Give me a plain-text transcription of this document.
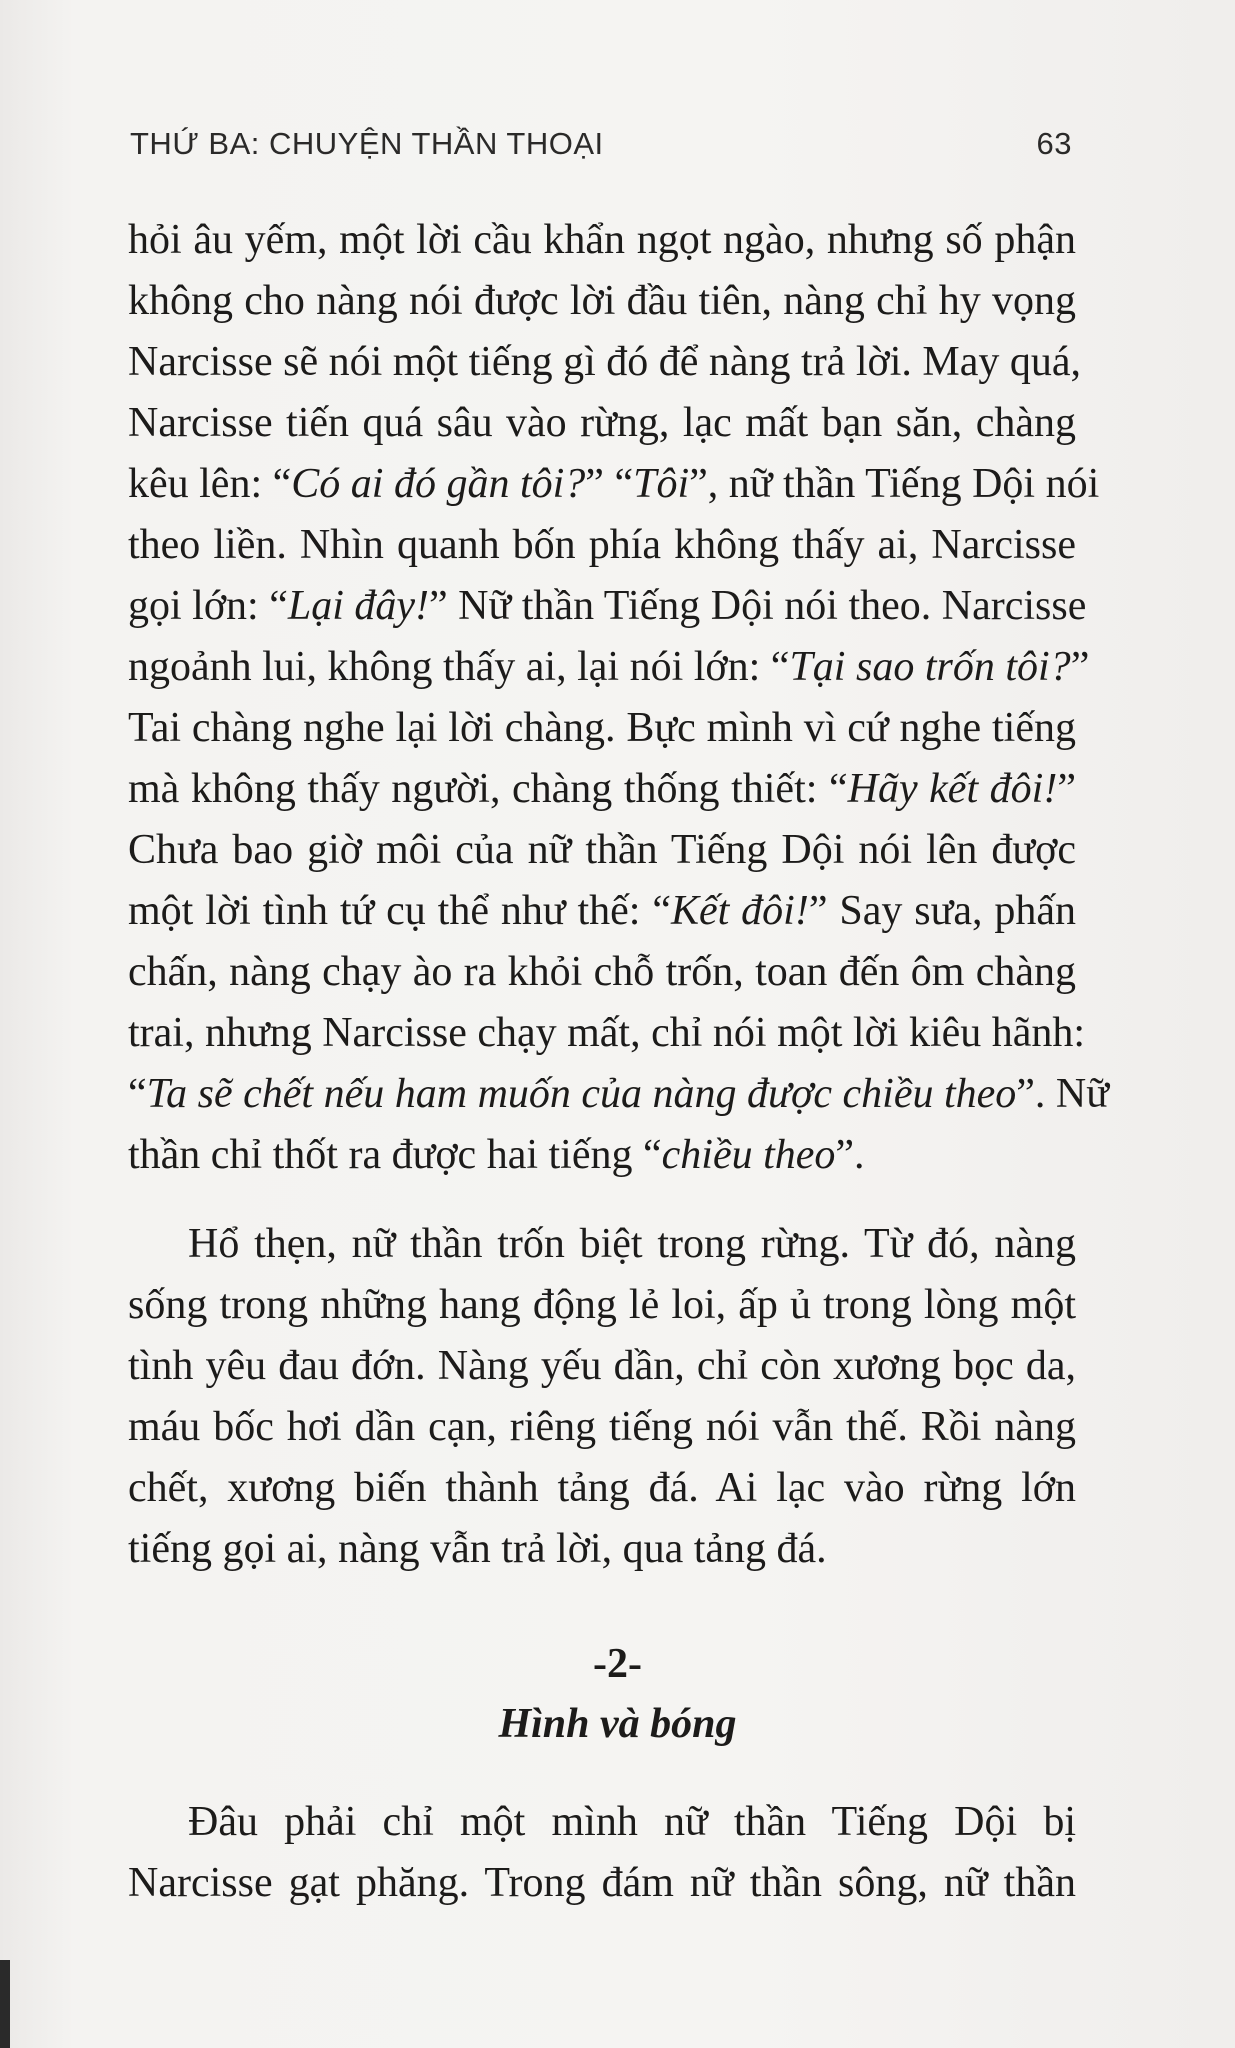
THỨ BA: CHUYỆN THẦN THOẠI	63
hỏi âu yếm, một lời cầu khẩn ngọt ngào, nhưng số phận
không cho nàng nói được lời đầu tiên, nàng chỉ hy vọng
Narcisse sẽ nói một tiếng gì đó để nàng trả lời. May quá,
Narcisse tiến quá sâu vào rừng, lạc mất bạn săn, chàng
kêu lên: “Có ai đó gần tôi?” “Tôi”, nữ thần Tiếng Dội nói
theo liền. Nhìn quanh bốn phía không thấy ai, Narcisse
gọi lớn: “Lại đây!” Nữ thần Tiếng Dội nói theo. Narcisse
ngoảnh lui, không thấy ai, lại nói lớn: “Tại sao trốn tôi?”
Tai chàng nghe lại lời chàng. Bực mình vì cứ nghe tiếng
mà không thấy người, chàng thống thiết: “Hãy kết đôi!”
Chưa bao giờ môi của nữ thần Tiếng Dội nói lên được
một lời tình tứ cụ thể như thế: “Kết đôi!” Say sưa, phấn
chấn, nàng chạy ào ra khỏi chỗ trốn, toan đến ôm chàng
trai, nhưng Narcisse chạy mất, chỉ nói một lời kiêu hãnh:
“Ta sẽ chết nếu ham muốn của nàng được chiều theo”. Nữ
thần chỉ thốt ra được hai tiếng “chiều theo”.
Hổ thẹn, nữ thần trốn biệt trong rừng. Từ đó, nàng
sống trong những hang động lẻ loi, ấp ủ trong lòng một
tình yêu đau đớn. Nàng yếu dần, chỉ còn xương bọc da,
máu bốc hơi dần cạn, riêng tiếng nói vẫn thế. Rồi nàng
chết, xương biến thành tảng đá. Ai lạc vào rừng lớn
tiếng gọi ai, nàng vẫn trả lời, qua tảng đá.
-2-
Hình và bóng
Đâu phải chỉ một mình nữ thần Tiếng Dội bị
Narcisse gạt phăng. Trong đám nữ thần sông, nữ thần
